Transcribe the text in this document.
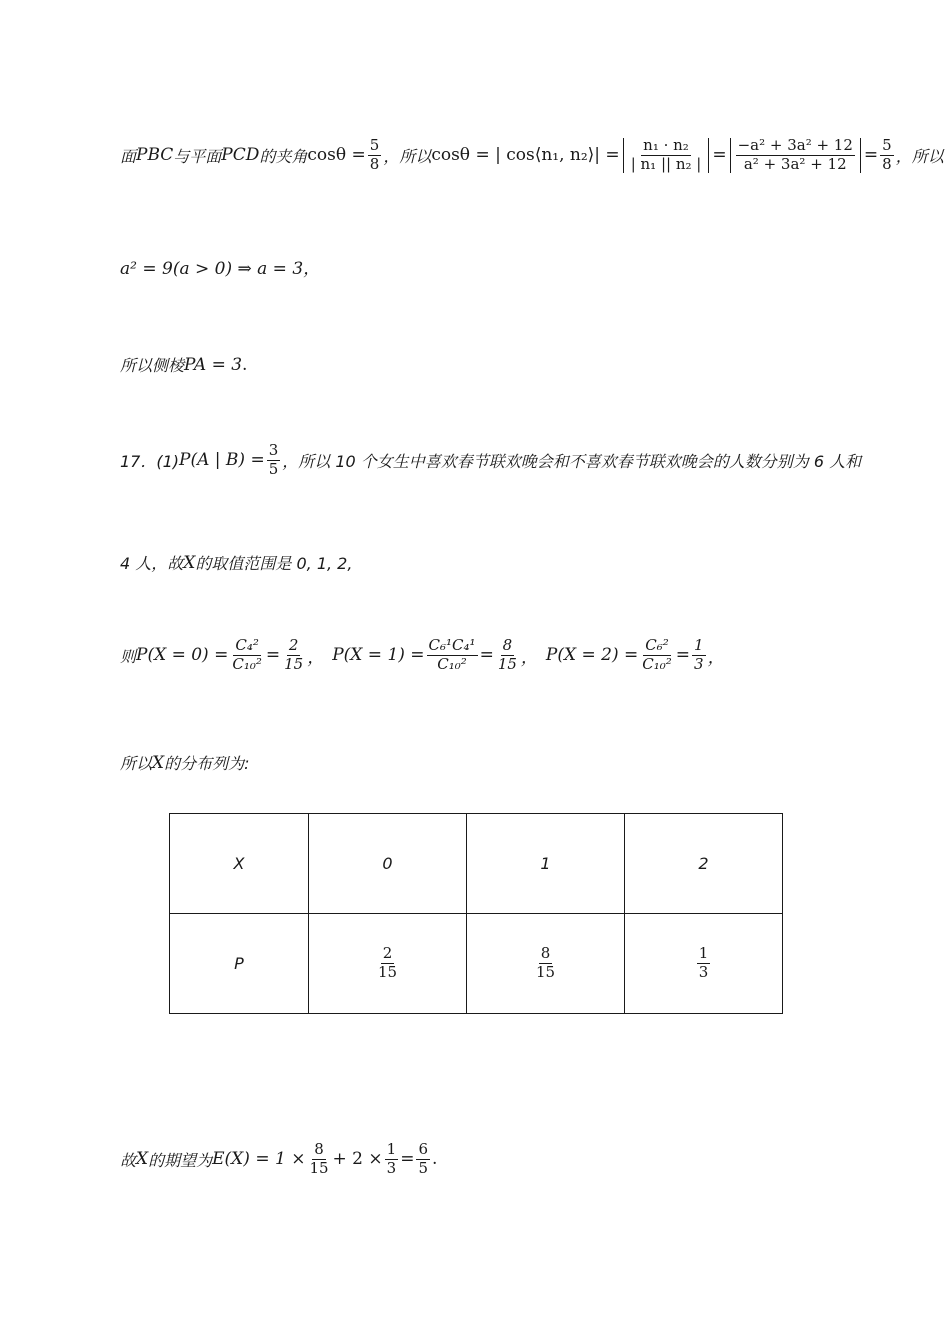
面 PBC 与平面 PCD 的夹角 $\cos\theta = \frac{5}{8}$ ，所以 cosθ = | cos⟨n₁, n₂⟩| = $\frac{\text{n₁ · n₂}}{\text{| n₁ || n₂ |}} = \frac{\text{−a² + 3a² + 12}}{\text{a² + 3a² + 12}} = \frac{5}{8}$ ，所以
a² = 9(a > 0) ⇒ a = 3，
所以侧棱 PA = 3 .
17．(1) P(A | $B) = \frac{3}{5}$ ，所以 10 个女生中喜欢春节联欢晚会和不喜欢春节联欢晚会的人数分别为 6 人和
4 人，故 X 的取值范围是 0, 1, 2,
则 $P(X = 0) = \frac{\text{C₄²}}{\text{C₁₀²}} = \frac{2}{15}$ ， $P(X = 1) = \frac{\text{C₆¹C₄¹}}{\text{C₁₀²}} = \frac{8}{15}$ ， $P(X = 2) = \frac{\text{C₆²}}{\text{C₁₀²}} = \frac{1}{3}$ ，
所以 X 的分布列为:
X	0	1	2
P	$\frac{2}{15}$	$\frac{8}{15}$	$\frac{1}{3}$
故 X 的期望为 $E(X) = 1 \times \frac{8}{15} + 2 \times \frac{1}{3} = \frac{6}{5}$ .
